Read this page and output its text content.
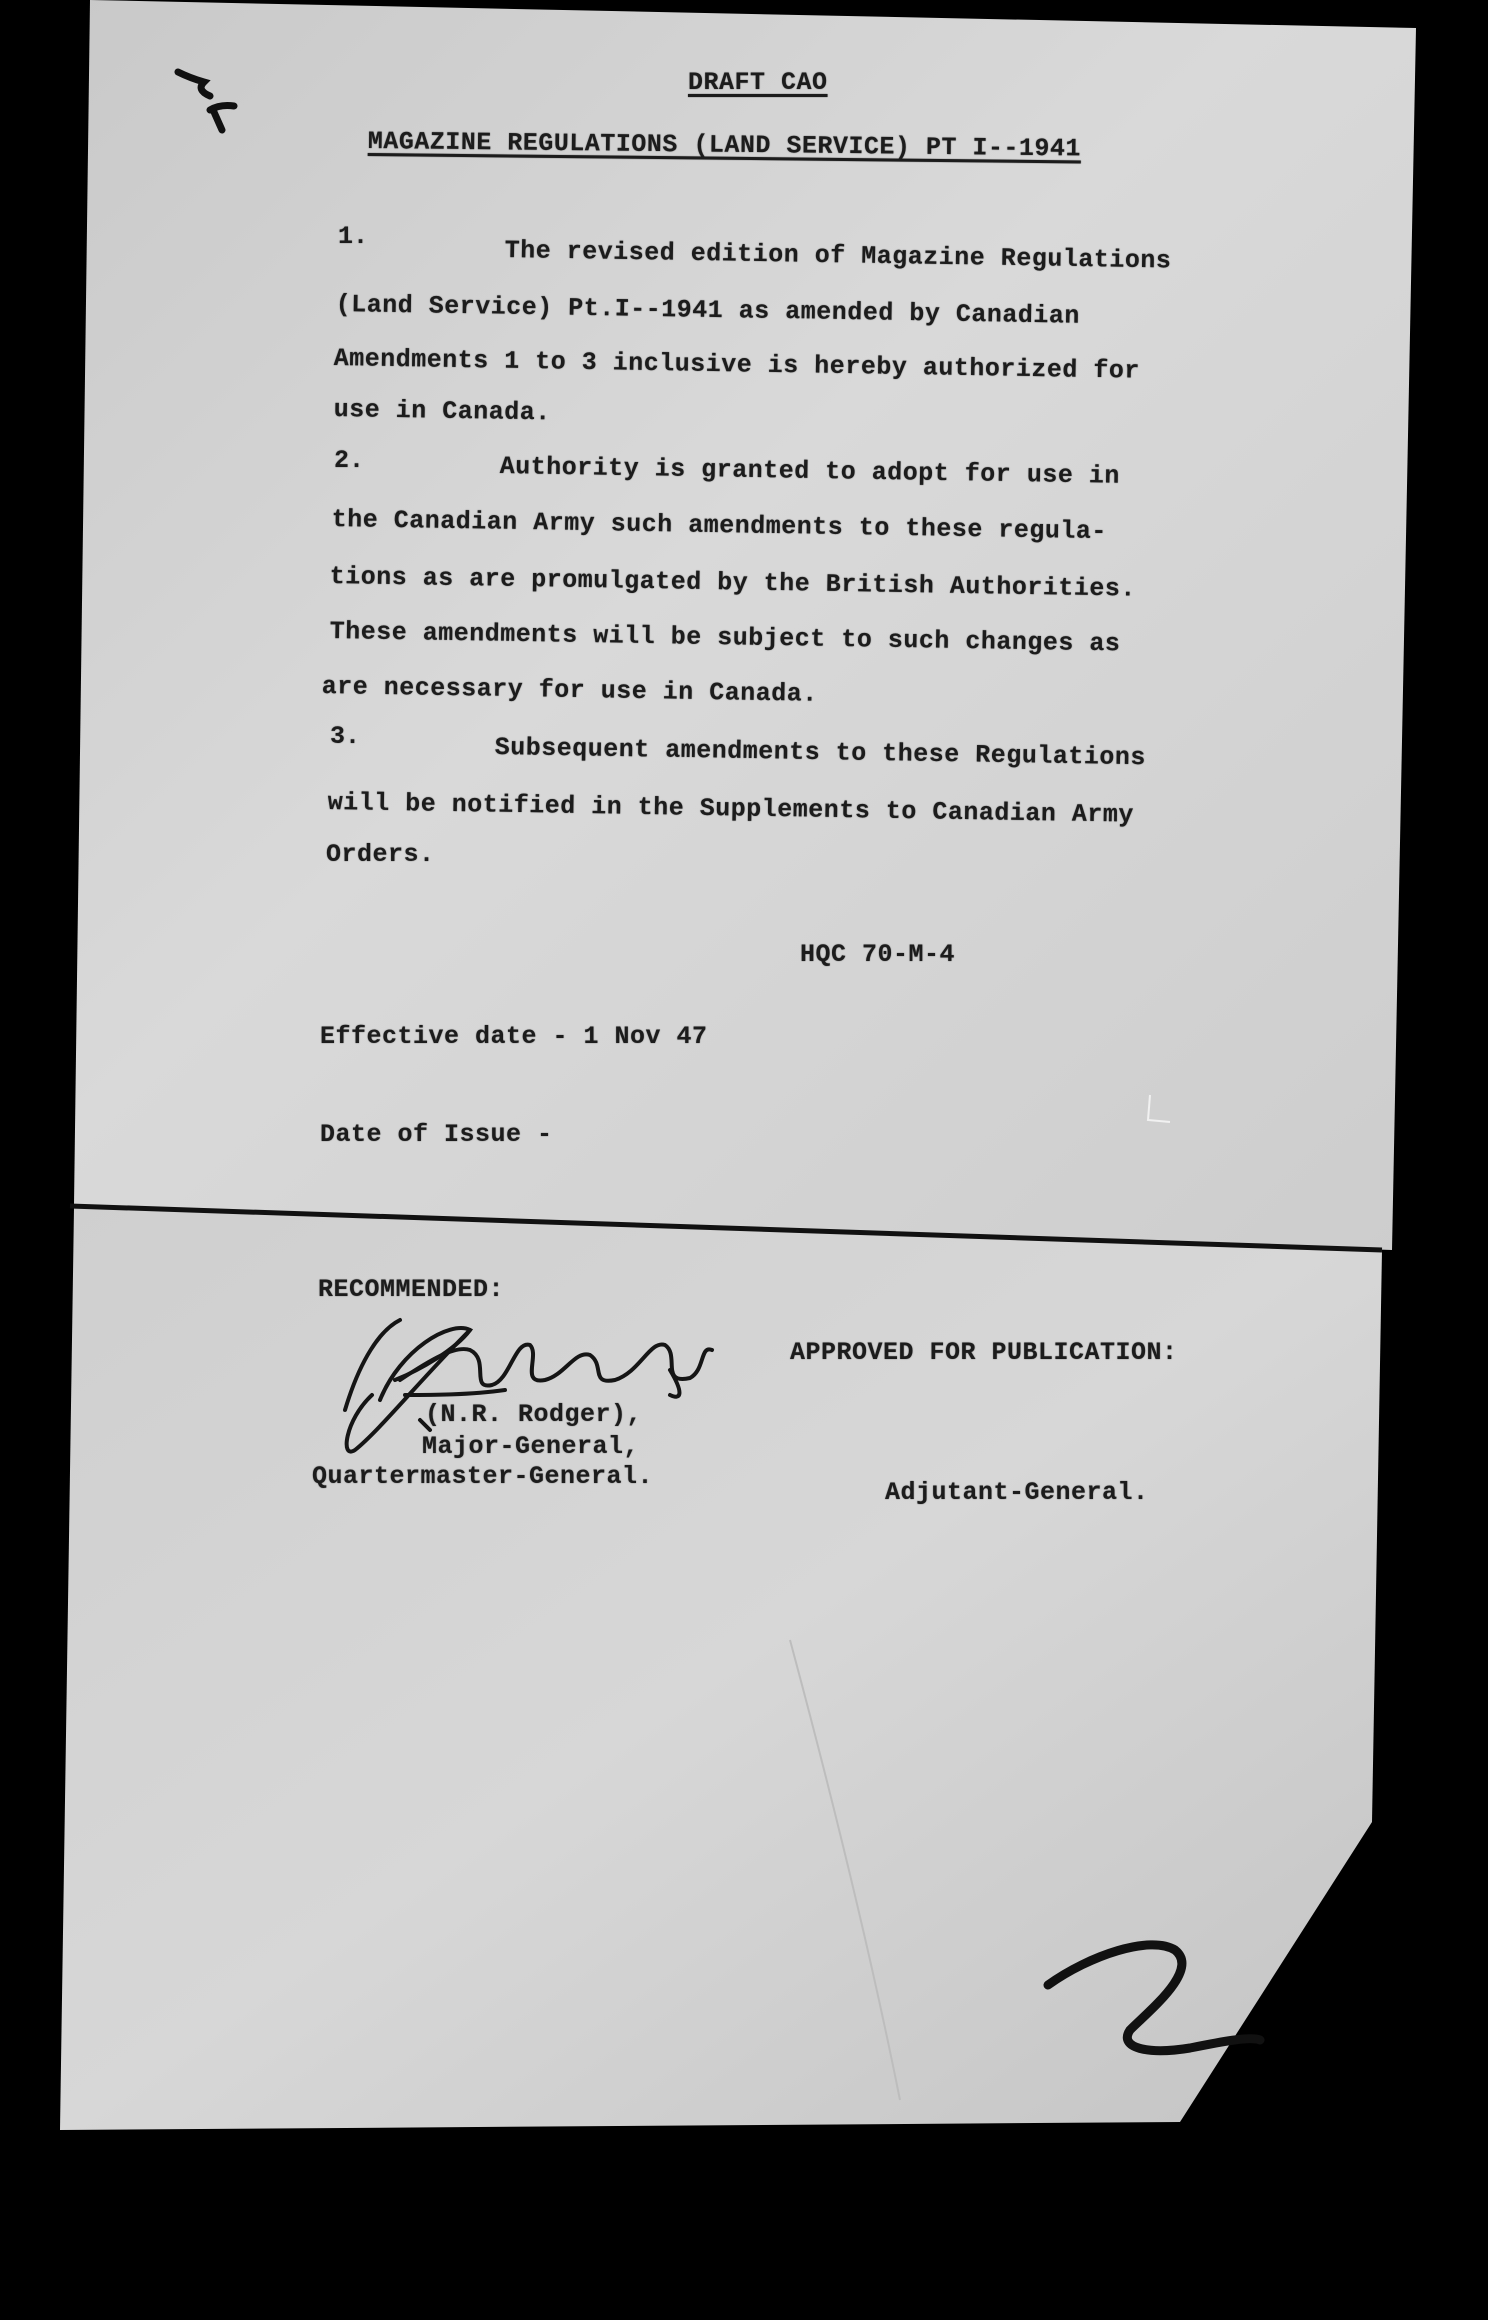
DRAFT CAO
MAGAZINE REGULATIONS (LAND SERVICE) PT I--1941
1.	The revised edition of Magazine Regulations
(Land Service) Pt.I--1941 as amended by Canadian
Amendments 1 to 3 inclusive is hereby authorized for
use in Canada.
2.	Authority is granted to adopt for use in
the Canadian Army such amendments to these regula-
tions as are promulgated by the British Authorities.
These amendments will be subject to such changes as
are necessary for use in Canada.
3.	Subsequent amendments to these Regulations
will be notified in the Supplements to Canadian Army
Orders.
HQC 70-M-4
Effective date - 1 Nov 47
Date of Issue -
RECOMMENDED:
APPROVED FOR PUBLICATION:
(N.R. Rodger),
Major-General,
Quartermaster-General.
Adjutant-General.
